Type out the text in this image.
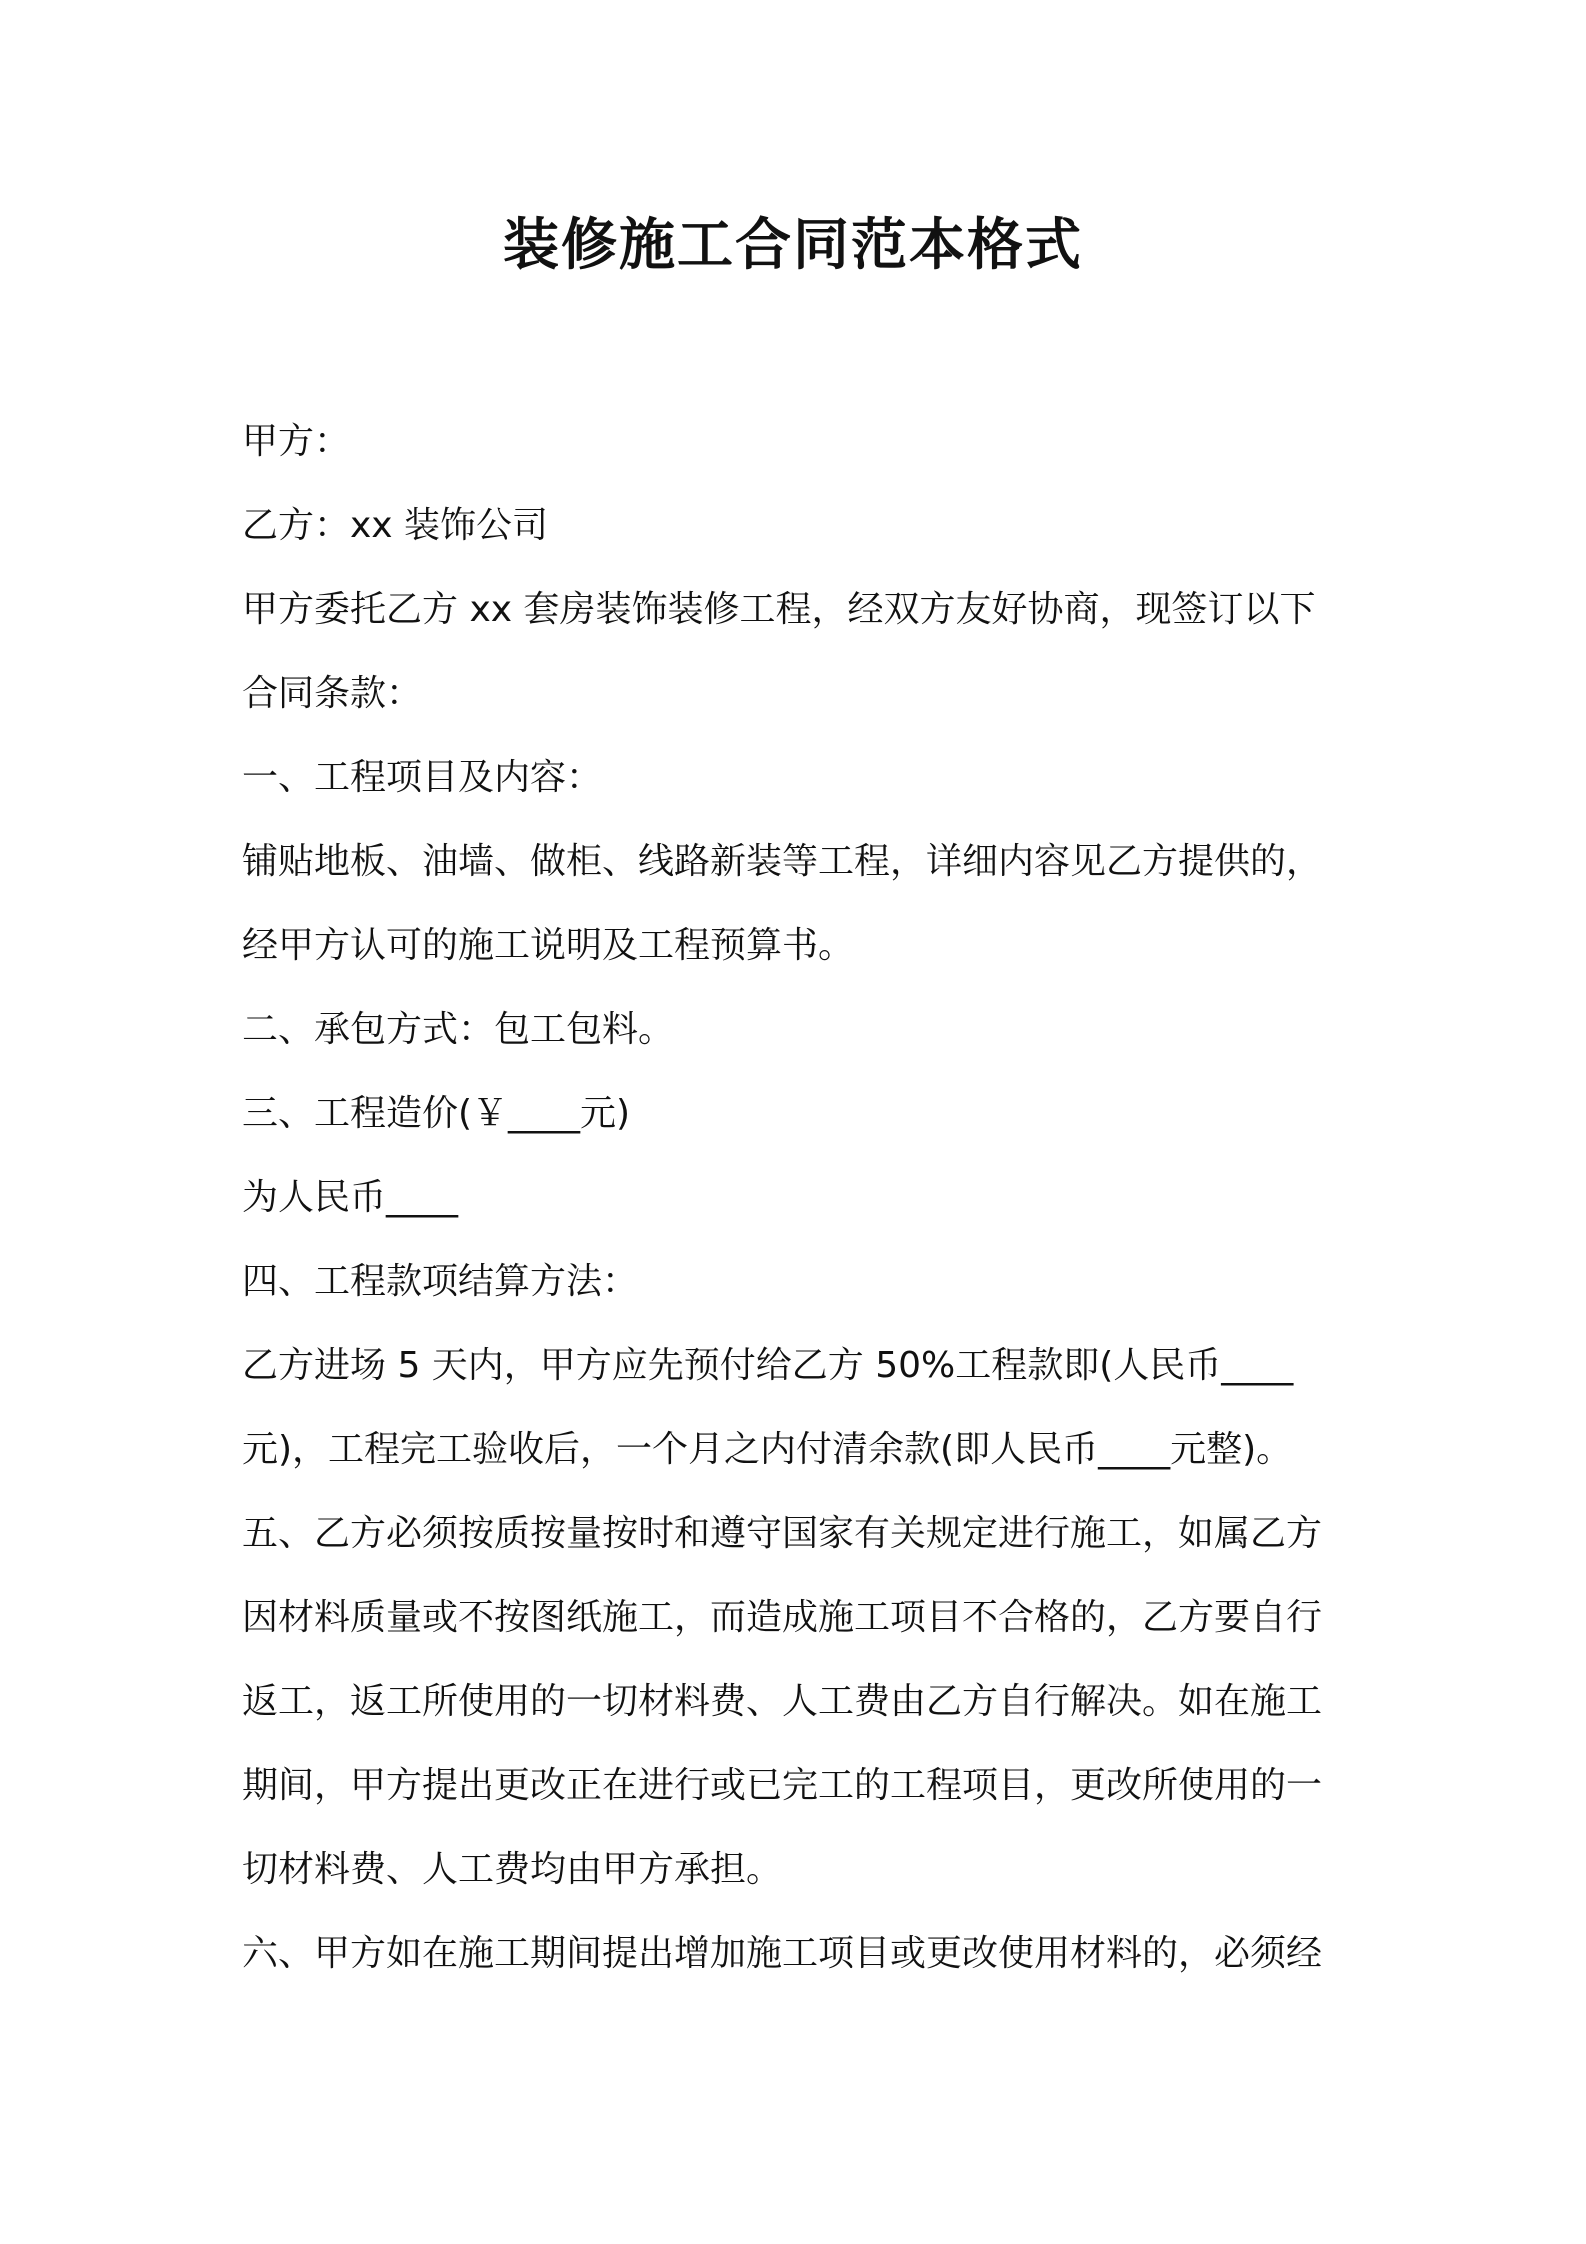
装修施工合同范本格式

甲方：

乙方：xx 装饰公司

甲方委托乙方 xx 套房装饰装修工程，经双方友好协商，现签订以下

合同条款：

一、工程项目及内容：

铺贴地板、油墙、做柜、线路新装等工程，详细内容见乙方提供的，

经甲方认可的施工说明及工程预算书。

二、承包方式：包工包料。

三、工程造价(￥____元)

为人民币____

四、工程款项结算方法：

乙方进场 5 天内，甲方应先预付给乙方 50%工程款即(人民币____

元)，工程完工验收后，一个月之内付清余款(即人民币____元整)。

五、乙方必须按质按量按时和遵守国家有关规定进行施工，如属乙方

因材料质量或不按图纸施工，而造成施工项目不合格的，乙方要自行

返工，返工所使用的一切材料费、人工费由乙方自行解决。如在施工

期间，甲方提出更改正在进行或已完工的工程项目，更改所使用的一

切材料费、人工费均由甲方承担。

六、甲方如在施工期间提出增加施工项目或更改使用材料的，必须经
